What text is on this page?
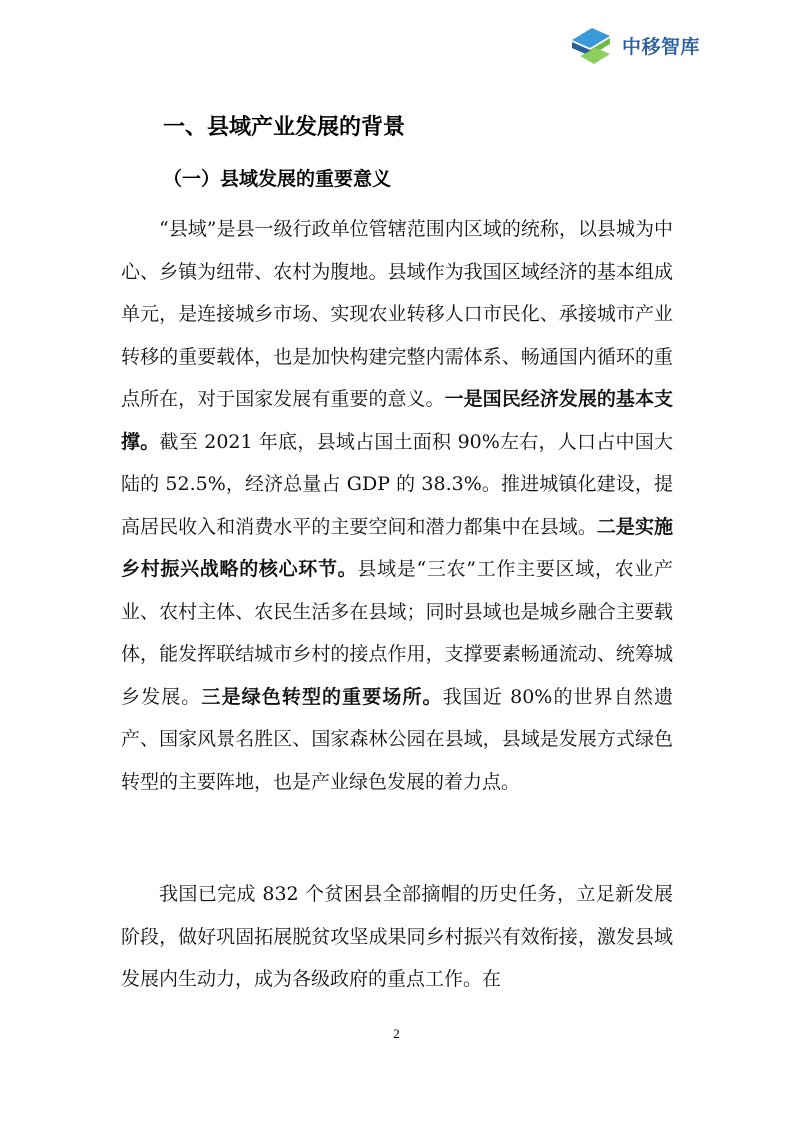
中移智库
一、县域产业发展的背景
（一）县域发展的重要意义

“县域”是县一级行政单位管辖范围内区域的统称，以县城为中心、乡镇为纽带、农村为腹地。县域作为我国区域经济的基本组成单元，是连接城乡市场、实现农业转移人口市民化、承接城市产业转移的重要载体，也是加快构建完整内需体系、畅通国内循环的重点所在，对于国家发展有重要的意义。一是国民经济发展的基本支撑。截至 2021 年底，县域占国土面积 90%左右，人口占中国大陆的 52.5%，经济总量占 GDP 的 38.3%。推进城镇化建设，提高居民收入和消费水平的主要空间和潜力都集中在县域。二是实施乡村振兴战略的核心环节。县域是“三农”工作主要区域，农业产业、农村主体、农民生活多在县域；同时县域也是城乡融合主要载体，能发挥联结城市乡村的接点作用，支撑要素畅通流动、统筹城乡发展。三是绿色转型的重要场所。我国近 80%的世界自然遗产、国家风景名胜区、国家森林公园在县域，县域是发展方式绿色转型的主要阵地，也是产业绿色发展的着力点。

我国已完成 832 个贫困县全部摘帽的历史任务，立足新发展阶段，做好巩固拓展脱贫攻坚成果同乡村振兴有效衔接，激发县域发展内生动力，成为各级政府的重点工作。在

2
